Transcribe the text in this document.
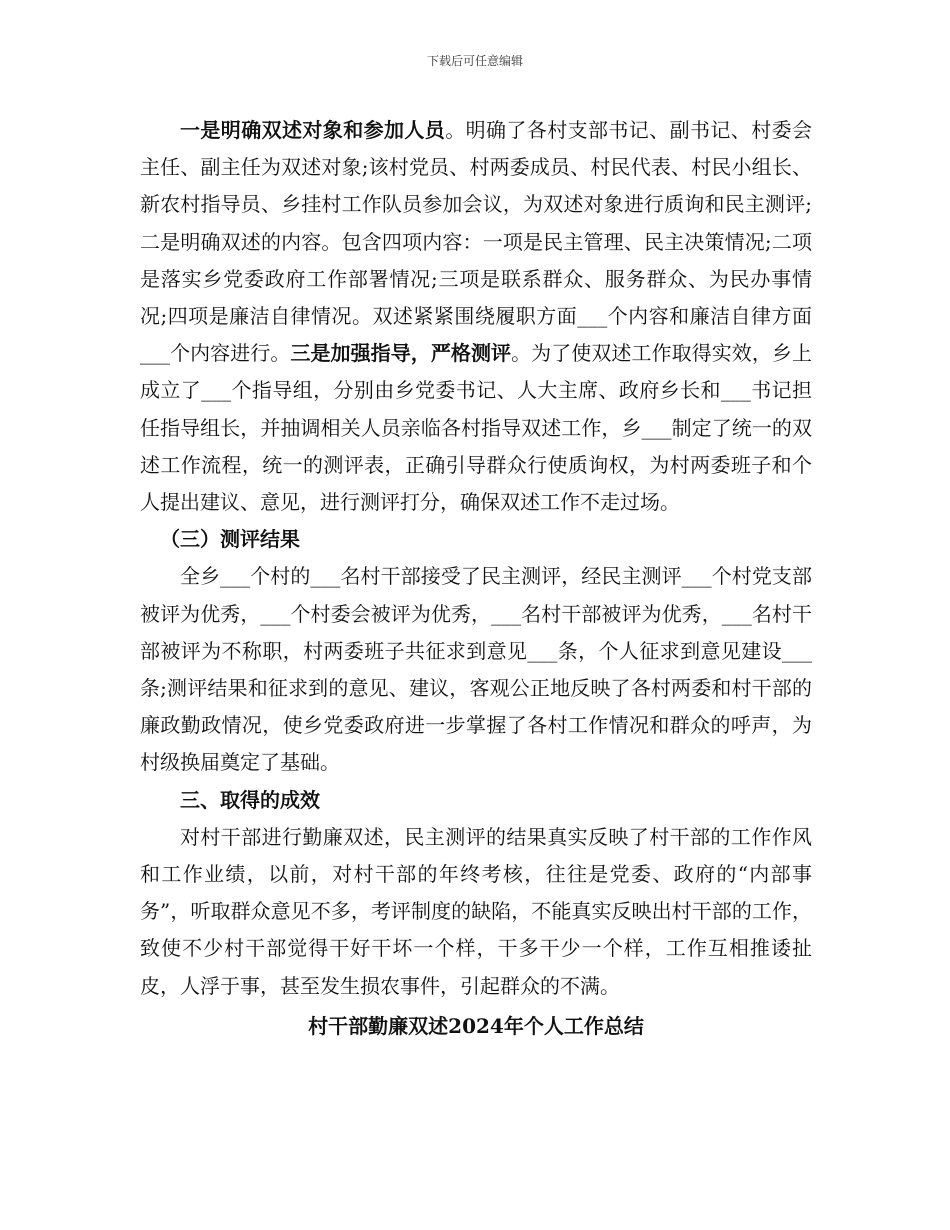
下载后可任意编辑

一是明确双述对象和参加人员。明确了各村支部书记、副书记、村委会主任、副主任为双述对象;该村党员、村两委成员、村民代表、村民小组长、新农村指导员、乡挂村工作队员参加会议，为双述对象进行质询和民主测评;二是明确双述的内容。包含四项内容：一项是民主管理、民主决策情况;二项是落实乡党委政府工作部署情况;三项是联系群众、服务群众、为民办事情况;四项是廉洁自律情况。双述紧紧围绕履职方面___个内容和廉洁自律方面___个内容进行。三是加强指导，严格测评。为了使双述工作取得实效，乡上成立了___个指导组，分别由乡党委书记、人大主席、政府乡长和___书记担任指导组长，并抽调相关人员亲临各村指导双述工作，乡___制定了统一的双述工作流程，统一的测评表，正确引导群众行使质询权，为村两委班子和个人提出建议、意见，进行测评打分，确保双述工作不走过场。

（三）测评结果

全乡___个村的___名村干部接受了民主测评，经民主测评___个村党支部被评为优秀，___个村委会被评为优秀，___名村干部被评为优秀，___名村干部被评为不称职，村两委班子共征求到意见___条，个人征求到意见建设___条;测评结果和征求到的意见、建议，客观公正地反映了各村两委和村干部的廉政勤政情况，使乡党委政府进一步掌握了各村工作情况和群众的呼声，为村级换届奠定了基础。

三、取得的成效

对村干部进行勤廉双述，民主测评的结果真实反映了村干部的工作作风和工作业绩，以前，对村干部的年终考核，往往是党委、政府的“内部事务”，听取群众意见不多，考评制度的缺陷，不能真实反映出村干部的工作，致使不少村干部觉得干好干坏一个样，干多干少一个样，工作互相推诿扯皮，人浮于事，甚至发生损农事件，引起群众的不满。

村干部勤廉双述2024年个人工作总结
